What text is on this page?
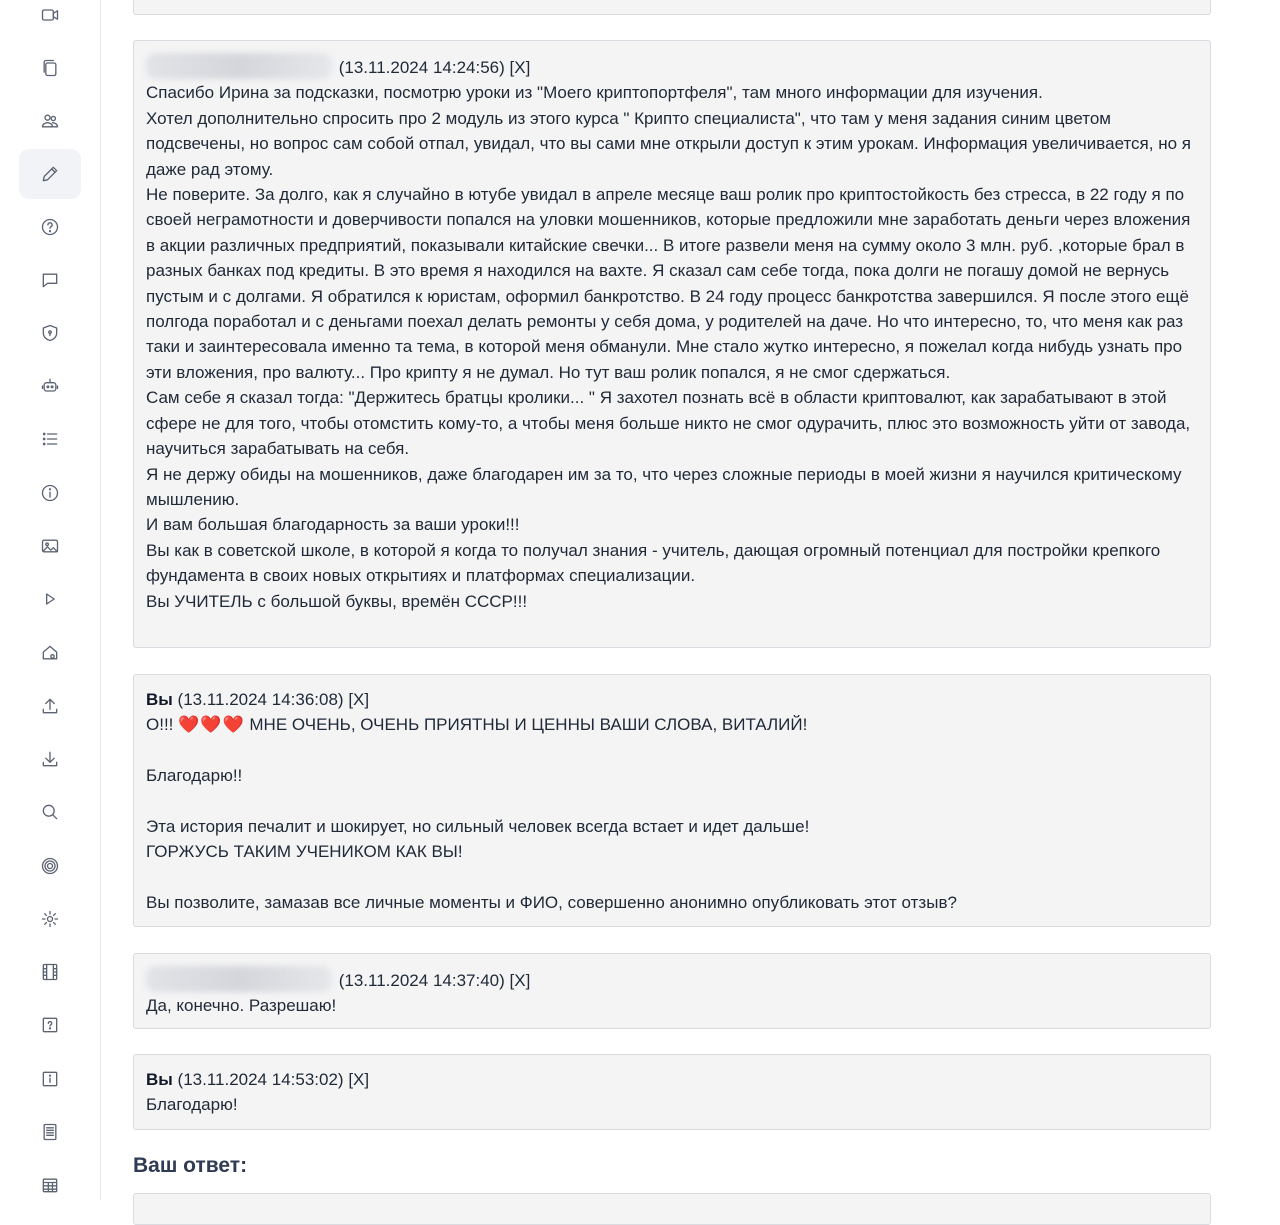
(13.11.2024 14:24:56) [X]

Спасибо Ирина за подсказки, посмотрю уроки из "Моего криптопортфеля", там много информации для изучения.

Хотел дополнительно спросить про 2 модуль из этого курса " Крипто специалиста", что там у меня задания синим цветом подсвечены, но вопрос сам собой отпал, увидал, что вы сами мне открыли доступ к этим урокам. Информация увеличивается, но я даже рад этому.

Не поверите. За долго, как я случайно в ютубе увидал в апреле месяце ваш ролик про криптостойкость без стресса, в 22 году я по своей неграмотности и доверчивости попался на уловки мошенников, которые предложили мне заработать деньги через вложения в акции различных предприятий, показывали китайские свечки... В итоге развели меня на сумму около 3 млн. руб. ,которые брал в разных банках под кредиты. В это время я находился на вахте. Я сказал сам себе тогда, пока долги не погашу домой не вернусь пустым и с долгами. Я обратился к юристам, оформил банкротство. В 24 году процесс банкротства завершился. Я после этого ещё полгода поработал и с деньгами поехал делать ремонты у себя дома, у родителей на даче. Но что интересно, то, что меня как раз таки и заинтересовала именно та тема, в которой меня обманули. Мне стало жутко интересно, я пожелал когда нибудь узнать про эти вложения, про валюту... Про крипту я не думал. Но тут ваш ролик попался, я не смог сдержаться.

Сам себе я сказал тогда: "Держитесь братцы кролики... " Я захотел познать всё в области криптовалют, как зарабатывают в этой сфере не для того, чтобы отомстить кому-то, а чтобы меня больше никто не смог одурачить, плюс это возможность уйти от завода, научиться зарабатывать на себя.

Я не держу обиды на мошенников, даже благодарен им за то, что через сложные периоды в моей жизни я научился критическому мышлению.

И вам большая благодарность за ваши уроки!!!

Вы как в советской школе, в которой я когда то получал знания - учитель, дающая огромный потенциал для постройки крепкого фундамента в своих новых открытиях и платформах специализации.

Вы УЧИТЕЛЬ с большой буквы, времён СССР!!!

Вы (13.11.2024 14:36:08) [X]

О!!! ❤️❤️❤️ МНЕ ОЧЕНЬ, ОЧЕНЬ ПРИЯТНЫ И ЦЕННЫ ВАШИ СЛОВА, ВИТАЛИЙ!

Благодарю!!

Эта история печалит и шокирует, но сильный человек всегда встает и идет дальше!

ГОРЖУСЬ ТАКИМ УЧЕНИКОМ КАК ВЫ!

Вы позволите, замазав все личные моменты и ФИО, совершенно анонимно опубликовать этот отзыв?

(13.11.2024 14:37:40) [X]

Да, конечно. Разрешаю!

Вы (13.11.2024 14:53:02) [X]

Благодарю!

Ваш ответ:
